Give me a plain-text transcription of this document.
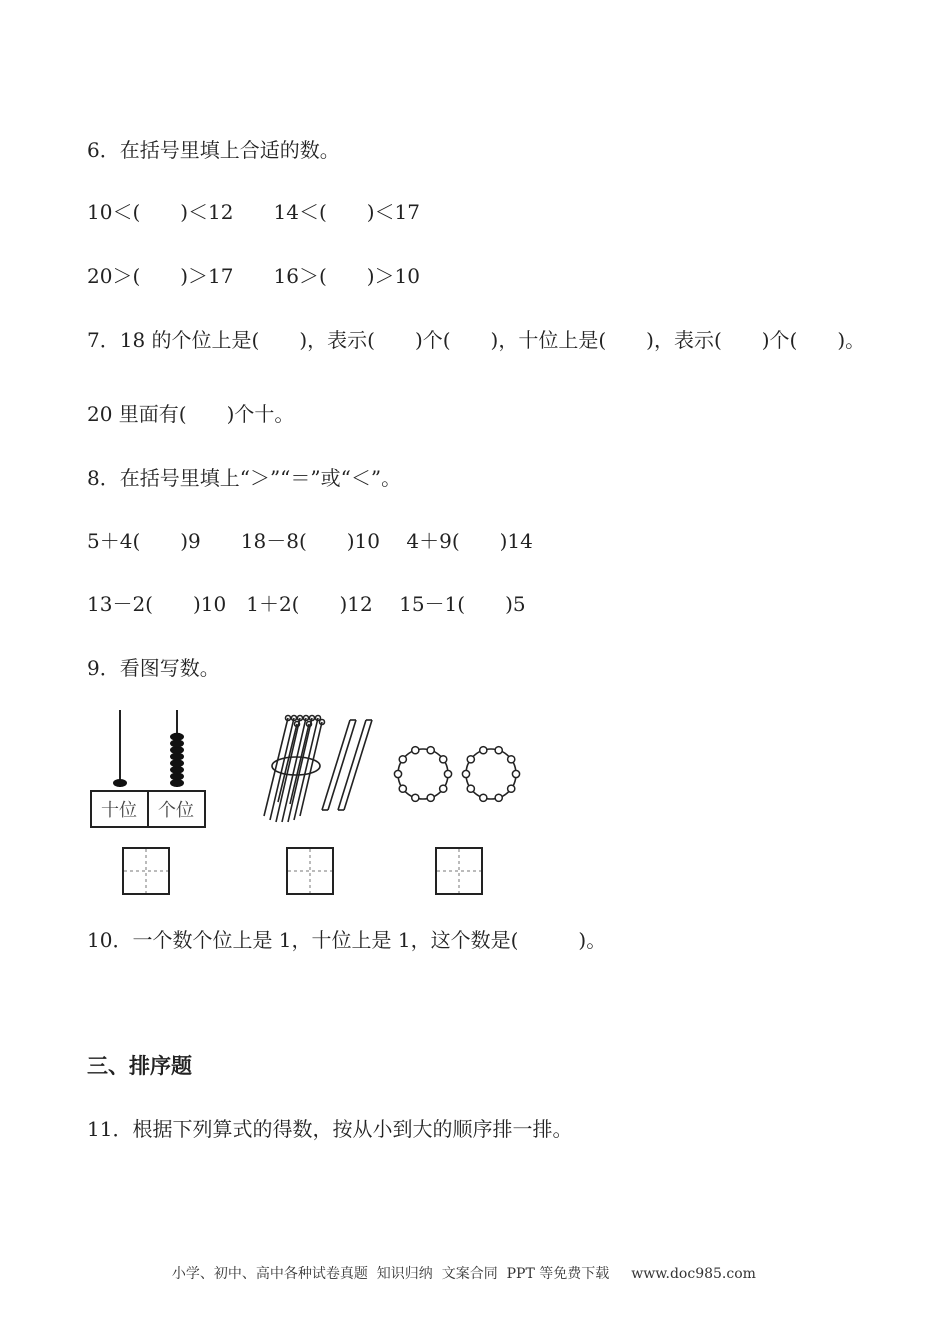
6．在括号里填上合适的数。
10＜(　　)＜12　　14＜(　　)＜17
20＞(　　)＞17　　16＞(　　)＞10
7．18 的个位上是(　　)，表示(　　)个(　　)，十位上是(　　)，表示(　　)个(　　)。
20 里面有(　　)个十。
8．在括号里填上“＞”“＝”或“＜”。
5＋4(　　)9　　18－8(　　)10　 4＋9(　　)14
13－2(　　)10　1＋2(　　)12　 15－1(　　)5
9．看图写数。
十位 个位
10．一个数个位上是 1，十位上是 1，这个数是(　　　)。
三、排序题
11．根据下列算式的得数，按从小到大的顺序排一排。

小学、初中、高中各种试卷真题  知识归纳  文案合同  PPT 等免费下载 www.doc985.com
